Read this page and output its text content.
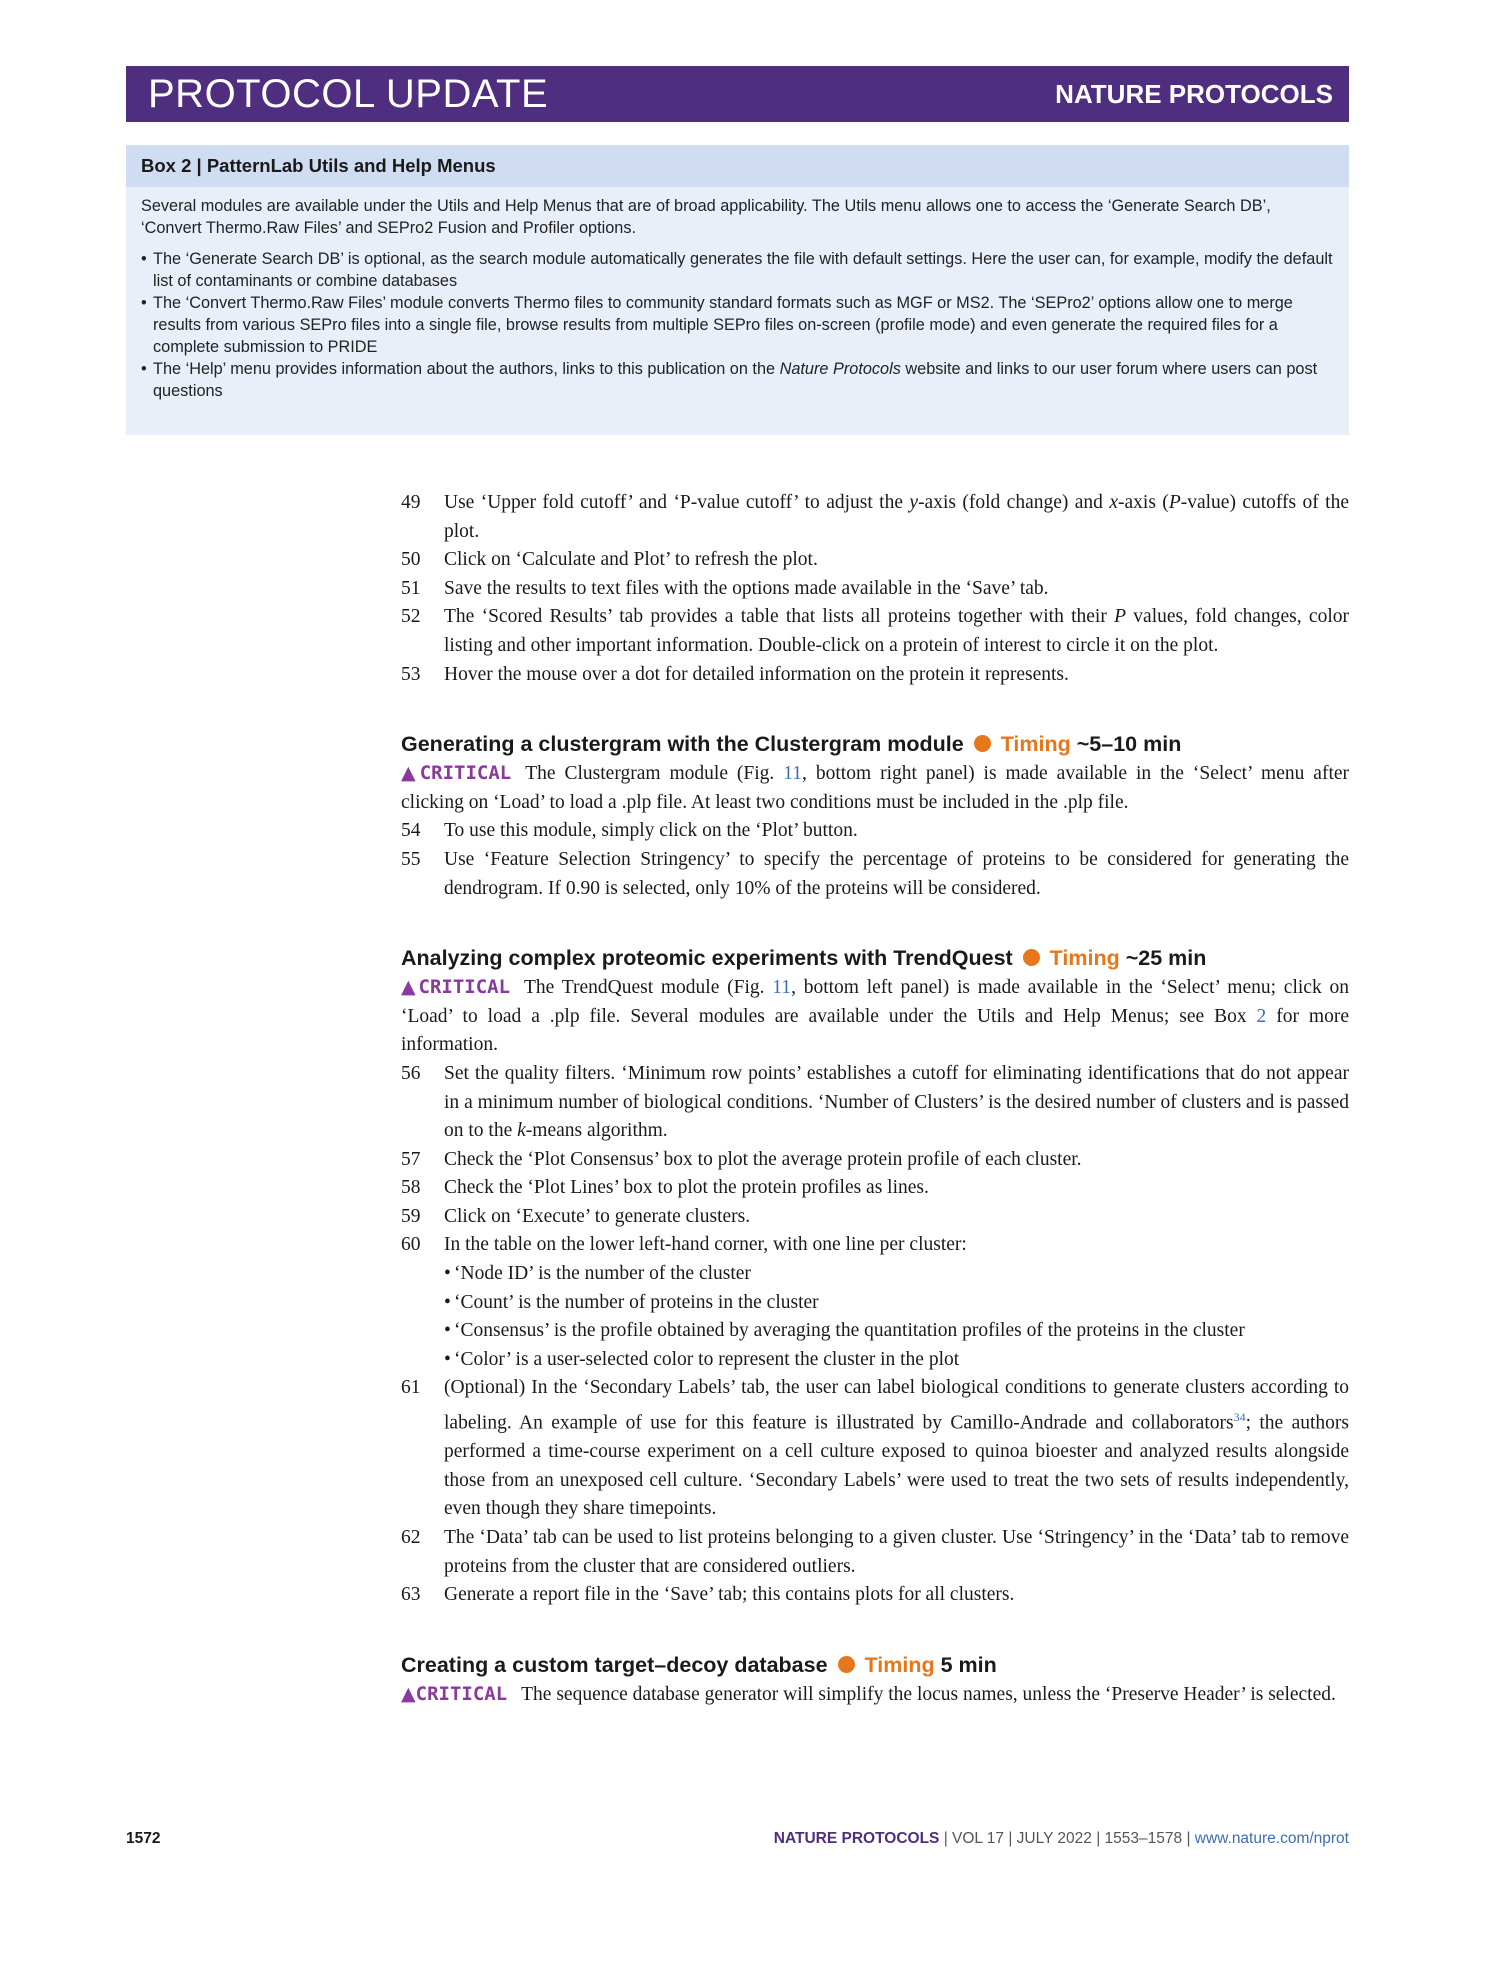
PROTOCOL UPDATE	NATURE PROTOCOLS
Box 2 | PatternLab Utils and Help Menus

Several modules are available under the Utils and Help Menus that are of broad applicability. The Utils menu allows one to access the ‘Generate Search DB’, ‘Convert Thermo.Raw Files’ and SEPro2 Fusion and Profiler options.

• The ‘Generate Search DB’ is optional, as the search module automatically generates the file with default settings. Here the user can, for example, modify the default list of contaminants or combine databases
• The ‘Convert Thermo.Raw Files’ module converts Thermo files to community standard formats such as MGF or MS2. The ‘SEPro2’ options allow one to merge results from various SEPro files into a single file, browse results from multiple SEPro files on-screen (profile mode) and even generate the required files for a complete submission to PRIDE
• The ‘Help’ menu provides information about the authors, links to this publication on the Nature Protocols website and links to our user forum where users can post questions
49 Use ‘Upper fold cutoff’ and ‘P-value cutoff’ to adjust the y-axis (fold change) and x-axis (P-value) cutoffs of the plot.
50 Click on ‘Calculate and Plot’ to refresh the plot.
51 Save the results to text files with the options made available in the ‘Save’ tab.
52 The ‘Scored Results’ tab provides a table that lists all proteins together with their P values, fold changes, color listing and other important information. Double-click on a protein of interest to circle it on the plot.
53 Hover the mouse over a dot for detailed information on the protein it represents.
Generating a clustergram with the Clustergram module Timing ~5–10 min
▲CRITICAL The Clustergram module (Fig. 11, bottom right panel) is made available in the ‘Select’ menu after clicking on ‘Load’ to load a .plp file. At least two conditions must be included in the .plp file.
54 To use this module, simply click on the ‘Plot’ button.
55 Use ‘Feature Selection Stringency’ to specify the percentage of proteins to be considered for generating the dendrogram. If 0.90 is selected, only 10% of the proteins will be considered.
Analyzing complex proteomic experiments with TrendQuest Timing ~25 min
▲CRITICAL The TrendQuest module (Fig. 11, bottom left panel) is made available in the ‘Select’ menu; click on ‘Load’ to load a .plp file. Several modules are available under the Utils and Help Menus; see Box 2 for more information.
56 Set the quality filters. ‘Minimum row points’ establishes a cutoff for eliminating identifications that do not appear in a minimum number of biological conditions. ‘Number of Clusters’ is the desired number of clusters and is passed on to the k-means algorithm.
57 Check the ‘Plot Consensus’ box to plot the average protein profile of each cluster.
58 Check the ‘Plot Lines’ box to plot the protein profiles as lines.
59 Click on ‘Execute’ to generate clusters.
60 In the table on the lower left-hand corner, with one line per cluster:
• ‘Node ID’ is the number of the cluster
• ‘Count’ is the number of proteins in the cluster
• ‘Consensus’ is the profile obtained by averaging the quantitation profiles of the proteins in the cluster
• ‘Color’ is a user-selected color to represent the cluster in the plot
61 (Optional) In the ‘Secondary Labels’ tab, the user can label biological conditions to generate clusters according to labeling. An example of use for this feature is illustrated by Camillo-Andrade and collaborators$^{34}$; the authors performed a time-course experiment on a cell culture exposed to quinoa bioester and analyzed results alongside those from an unexposed cell culture. ‘Secondary Labels’ were used to treat the two sets of results independently, even though they share timepoints.
62 The ‘Data’ tab can be used to list proteins belonging to a given cluster. Use ‘Stringency’ in the ‘Data’ tab to remove proteins from the cluster that are considered outliers.
63 Generate a report file in the ‘Save’ tab; this contains plots for all clusters.
Creating a custom target–decoy database Timing 5 min
▲CRITICAL The sequence database generator will simplify the locus names, unless the ‘Preserve Header’ is selected.
1572	NATURE PROTOCOLS | VOL 17 | JULY 2022 | 1553–1578 | www.nature.com/nprot
